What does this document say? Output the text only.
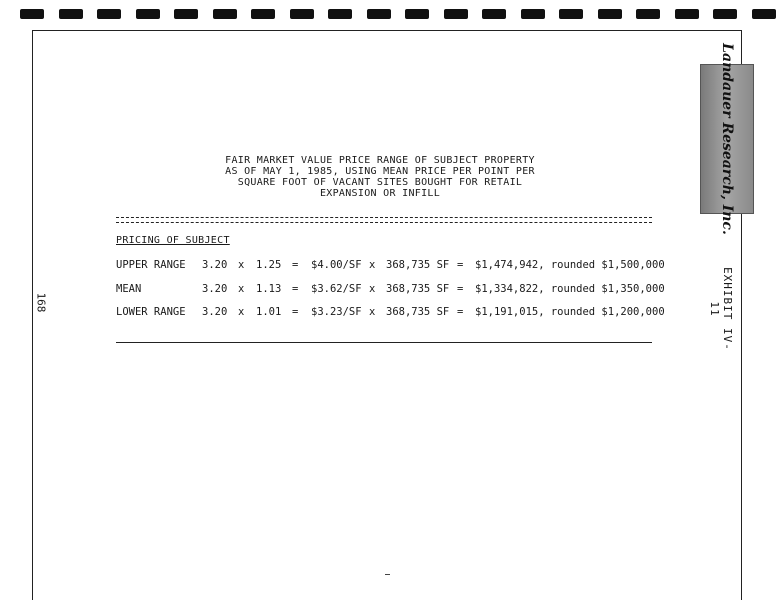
168
Landauer Research, Inc.
EXHIBIT IV-11
FAIR MARKET VALUE PRICE RANGE OF SUBJECT PROPERTY
AS OF MAY 1, 1985, USING MEAN PRICE PER POINT PER
SQUARE FOOT OF VACANT SITES BOUGHT FOR RETAIL
EXPANSION OR INFILL
PRICING OF SUBJECT
UPPER RANGE 3.20 x 1.25 = $4.00/SF x 368,735 SF = $1,474,942, rounded $1,500,000
MEAN	3.20 x 1.13 = $3.62/SF x 368,735 SF = $1,334,822, rounded $1,350,000
LOWER RANGE 3.20 x 1.01 = $3.23/SF x 368,735 SF = $1,191,015, rounded $1,200,000
